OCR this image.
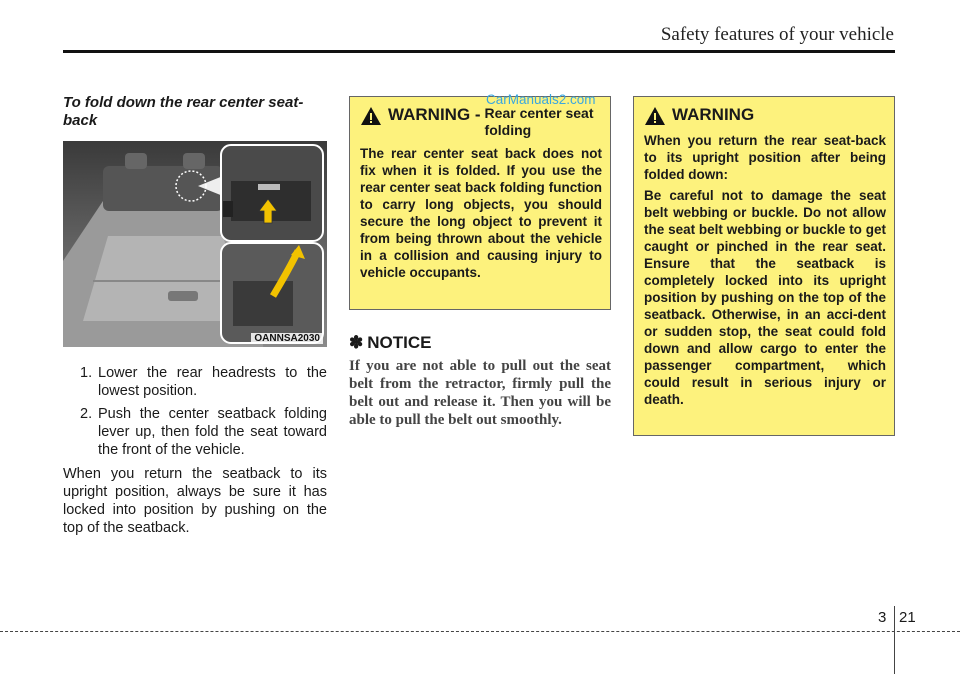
Safety features of your vehicle
To fold down the rear center seat-back
OANNSA2030
1. Lower the rear headrests to the lowest position.
2. Push the center seatback folding lever up, then fold the seat toward the front of the vehicle.
When you return the seatback to its upright position, always be sure it has locked into position by pushing on the top of the seatback.
WARNING - Rear center seat folding

The rear center seat back does not fix when it is folded. If you use the rear center seat back folding function to carry long objects, you should secure the long object to prevent it from being thrown about the vehicle in a collision and causing injury to vehicle occupants.

CarManuals2.com
✽ NOTICE

If you are not able to pull out the seat belt from the retractor, firmly pull the belt out and release it. Then you will be able to pull the belt out smoothly.

WARNING

When you return the rear seat-back to its upright position after being folded down:

Be careful not to damage the seat belt webbing or buckle. Do not allow the seat belt webbing or buckle to get caught or pinched in the rear seat. Ensure that the seatback is completely locked into its upright position by pushing on the top of the seatback. Otherwise, in an acci-dent or sudden stop, the seat could fold down and allow cargo to enter the passenger compartment, which could result in serious injury or death.

3 21
